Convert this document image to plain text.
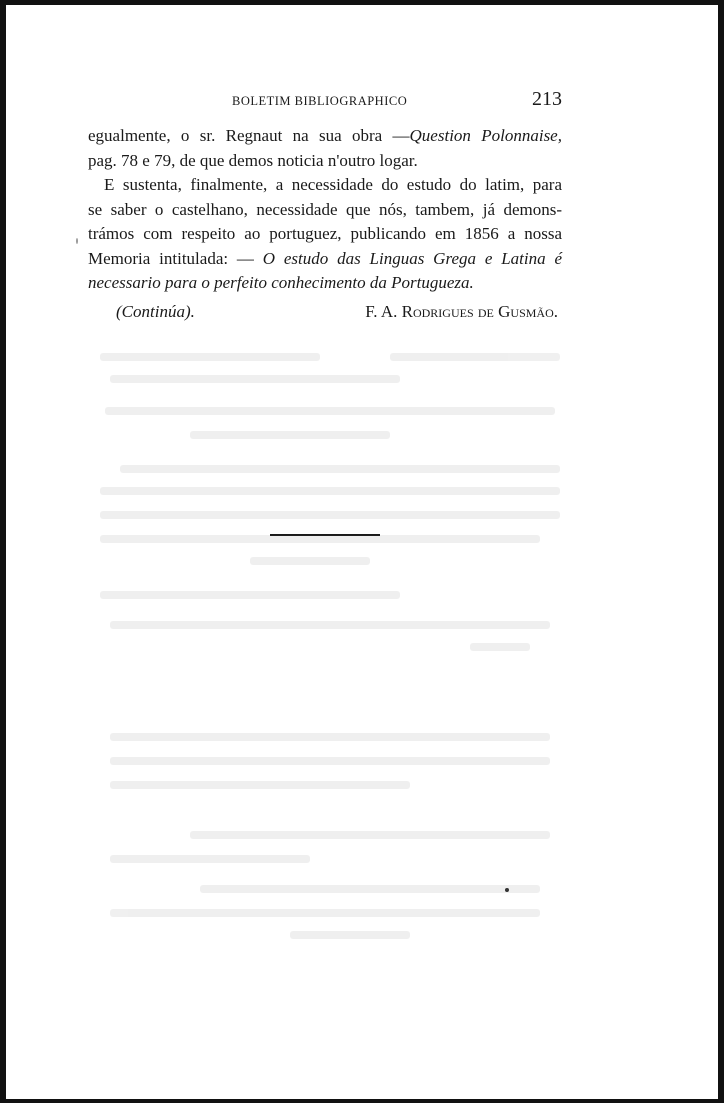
BOLETIM BIBLIOGRAPHICO	213
egualmente, o sr. Regnaut na sua obra —Question Polonnaise,
pag. 78 e 79, de que demos noticia n'outro logar.
E sustenta, finalmente, a necessidade do estudo do latim, para
se saber o castelhano, necessidade que nós, tambem, já demons-
trámos com respeito ao portuguez, publicando em 1856 a nossa
Memoria intitulada: — O estudo das Linguas Grega e Latina é
necessario para o perfeito conhecimento da Portugueza.
(Continúa).	F. A. Rodrigues de Gusmão.
